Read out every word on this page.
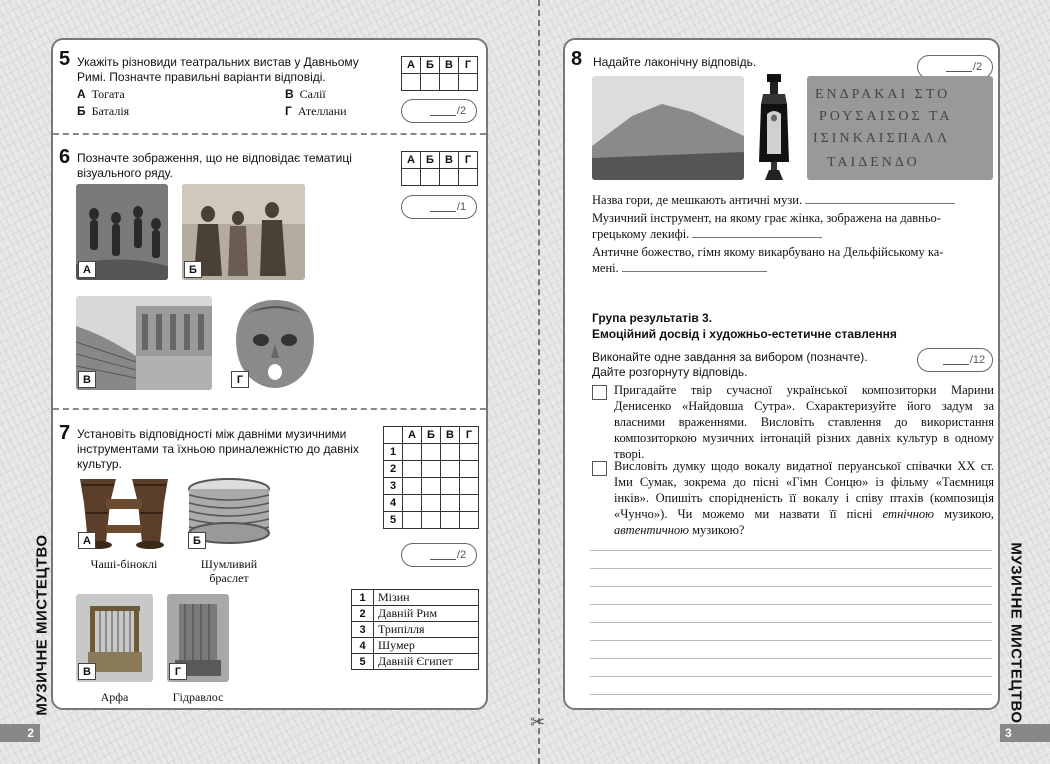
5 Укажіть різновиди театральних вистав у Давньому Римі. Позначте правильні варіанти відповіді.
А Тогата
Б Баталія
В Салії
Г Ателлани
А	Б	В	Г

/2
6 Позначте зображення, що не відповідає тематиці візуального ряду.
А	Б	В	Г

/1
А	Б
В	Г
7 Установіть відповідності між давніми музичними інструментами та їхньою приналежністю до давніх культур.
	А	Б	В	Г
1				
2				
3				
4				
5				
/2
А
Чаші-біноклі
Б
Шумливий браслет
В
Арфа
Г
Гідравлос
1	Мізин
2	Давній Рим
3	Трипілля
4	Шумер
5	Давній Єгипет
МУЗИЧНЕ МИСТЕЦТВО
2
✂
8 Надайте лаконічну відповідь.	/2
ΕΝΔΡΑΚΑΙ ΣΤΟ
ΡΟΥΣΑΙΣΟΣ ΤΑ
ΙΣΙΝΚΑΙΣΠΑΛΛ
ΤΑΙΔΕΝΔΟ
Назва гори, де мешкають античні музи.
Музичний інструмент, на якому грає жінка, зображена на давньо-
грецькому лекифі.
Античне божество, гімн якому викарбувано на Дельфійському ка-
мені.
Група результатів 3.
Емоційний досвід і художньо-естетичне ставлення
Виконайте одне завдання за вибором (позначте).
Дайте розгорнуту відповідь.
/12
Пригадайте твір сучасної української композиторки Марини Денисенко «Найдовша Сутра». Схарактеризуйте його задум за власними враженнями. Висловіть ставлення до використання композиторкою музичних інтонацій різних давніх культур в одному творі.
Висловіть думку щодо вокалу видатної перуанської співачки XX ст. Іми Сумак, зокрема до пісні «Гімн Сонцю» із фільму «Таємниця інків». Опишіть спорідненість її вокалу і співу птахів (композиція «Чунчо»). Чи можемо ми назвати її пісні етнічною музикою, автентичною музикою?
МУЗИЧНЕ МИСТЕЦТВО
3
